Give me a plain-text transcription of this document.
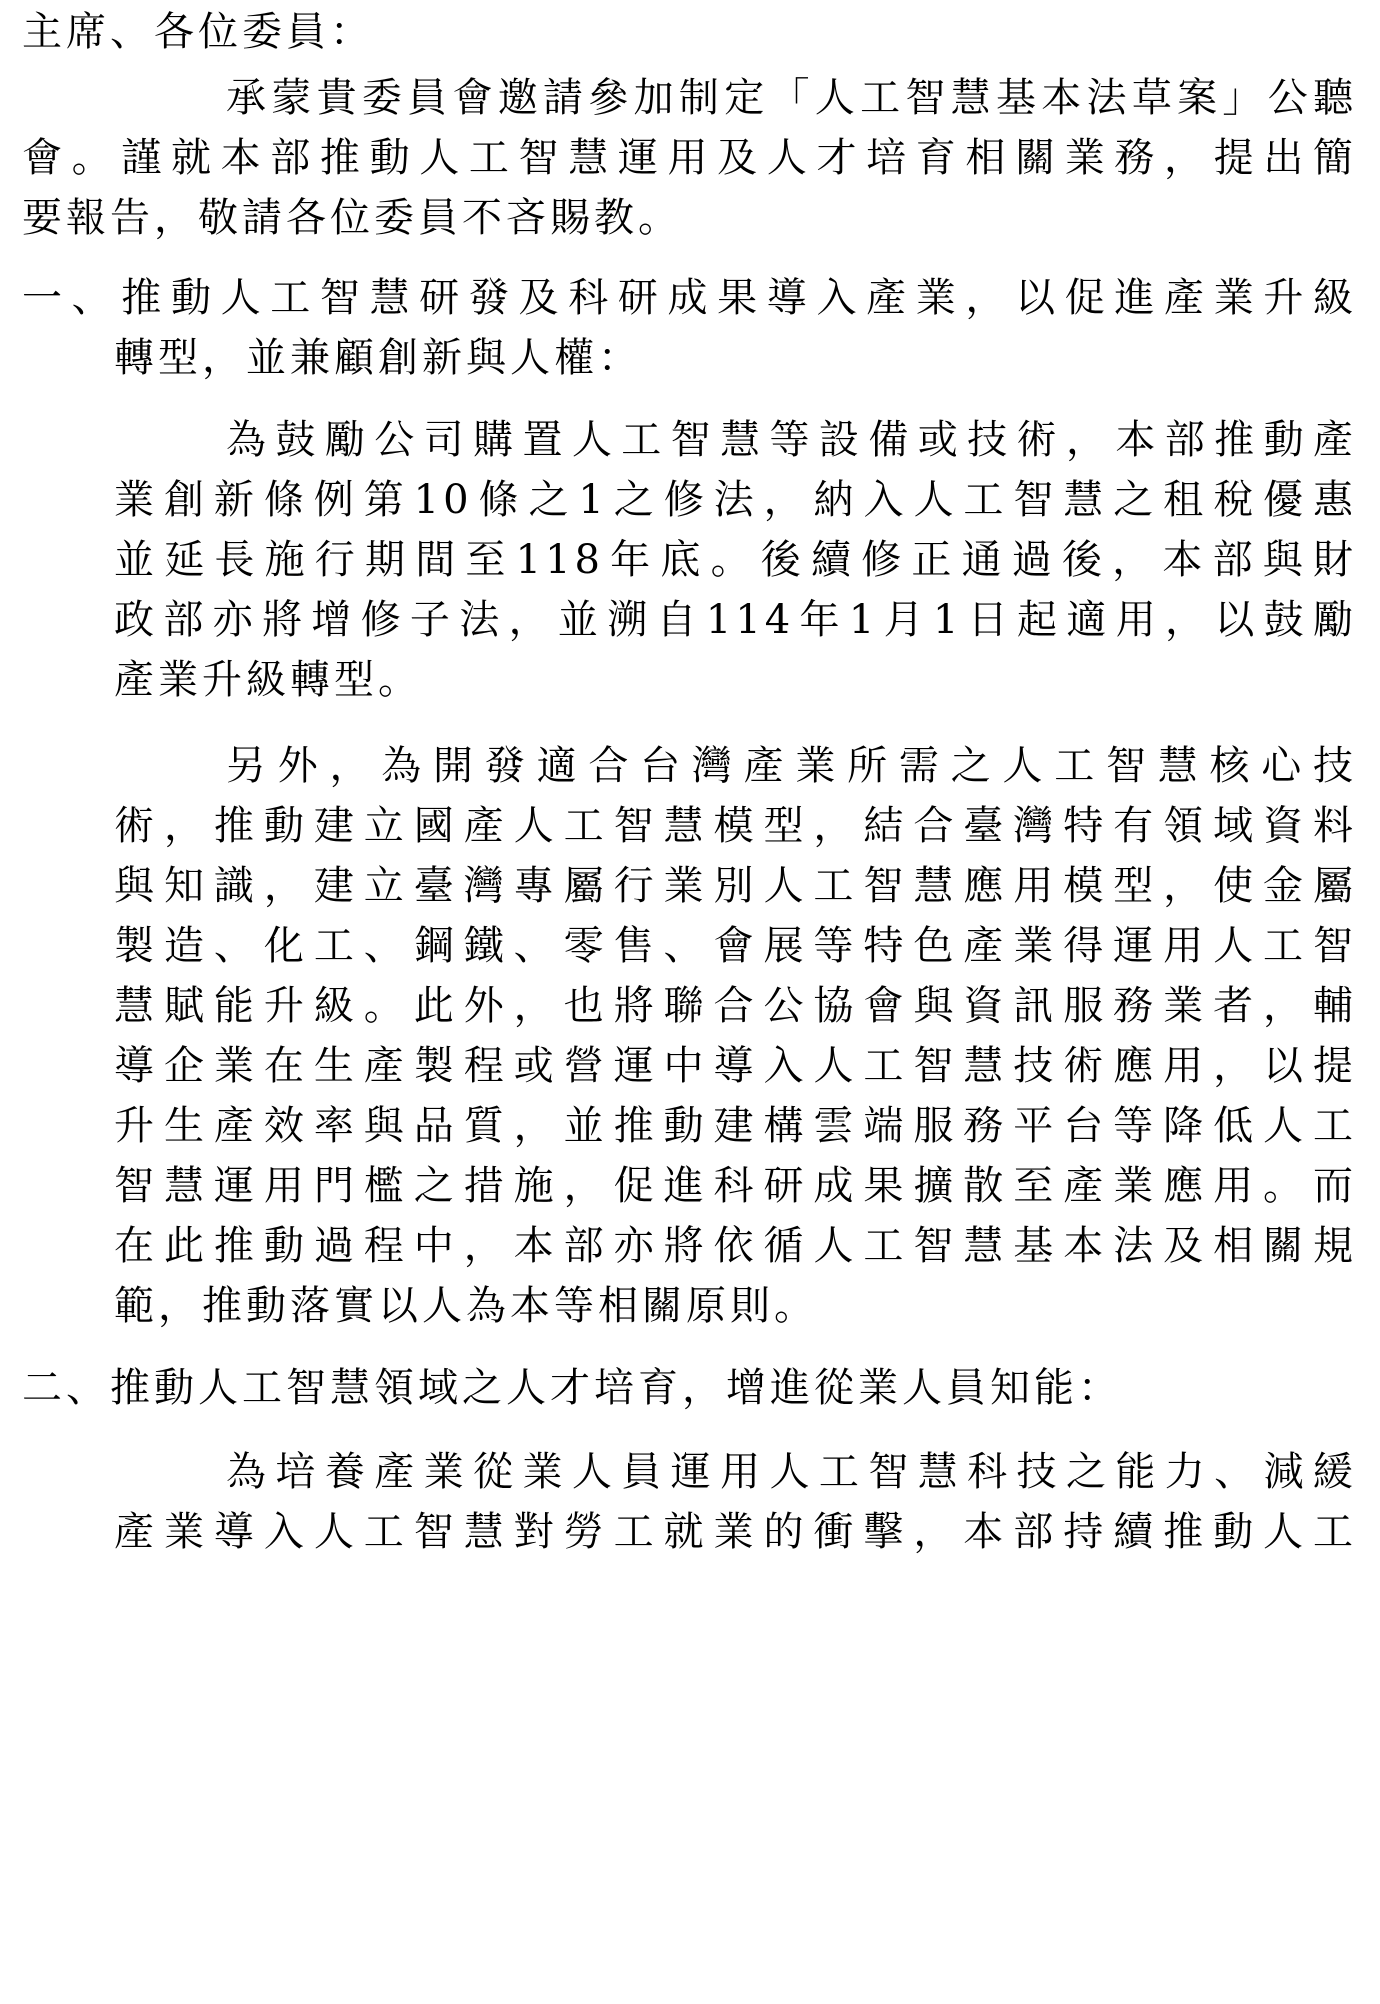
主席、各位委員：

承蒙貴委員會邀請參加制定「人工智慧基本法草案」公聽

會。謹就本部推動人工智慧運用及人才培育相關業務，提出簡

要報告，敬請各位委員不吝賜教。

一、推動人工智慧研發及科研成果導入產業，以促進產業升級

轉型，並兼顧創新與人權：

為鼓勵公司購置人工智慧等設備或技術，本部推動產

業創新條例第10條之1之修法，納入人工智慧之租稅優惠

並延長施行期間至118年底。後續修正通過後，本部與財

政部亦將增修子法，並溯自114年1月1日起適用，以鼓勵

產業升級轉型。

另外，為開發適合台灣產業所需之人工智慧核心技

術，推動建立國產人工智慧模型，結合臺灣特有領域資料

與知識，建立臺灣專屬行業別人工智慧應用模型，使金屬

製造、化工、鋼鐵、零售、會展等特色產業得運用人工智

慧賦能升級。此外，也將聯合公協會與資訊服務業者，輔

導企業在生產製程或營運中導入人工智慧技術應用，以提

升生產效率與品質，並推動建構雲端服務平台等降低人工

智慧運用門檻之措施，促進科研成果擴散至產業應用。而

在此推動過程中，本部亦將依循人工智慧基本法及相關規

範，推動落實以人為本等相關原則。

二、推動人工智慧領域之人才培育，增進從業人員知能：

為培養產業從業人員運用人工智慧科技之能力、減緩

產業導入人工智慧對勞工就業的衝擊，本部持續推動人工
